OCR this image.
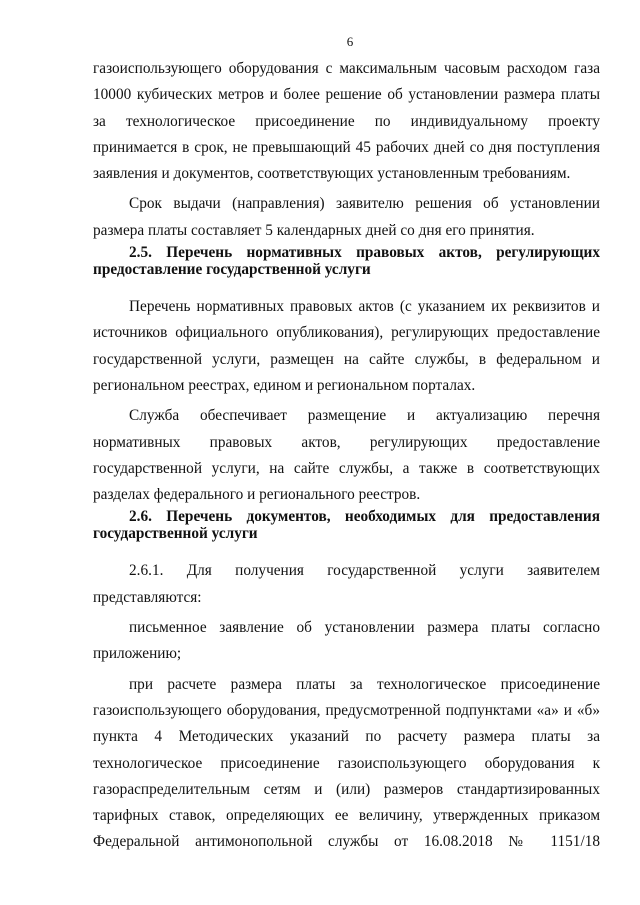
6

газоиспользующего оборудования с максимальным часовым расходом газа 10000 кубических метров и более решение об установлении размера платы за технологическое присоединение по индивидуальному проекту принимается в срок, не превышающий 45 рабочих дней со дня поступления заявления и документов, соответствующих установленным требованиям.

Срок выдачи (направления) заявителю решения об установлении размера платы составляет 5 календарных дней со дня его принятия.

2.5. Перечень нормативных правовых актов, регулирующих предоставление государственной услуги

Перечень нормативных правовых актов (с указанием их реквизитов и источников официального опубликования), регулирующих предоставление государственной услуги, размещен на сайте службы, в федеральном и региональном реестрах, едином и региональном порталах.

Служба обеспечивает размещение и актуализацию перечня нормативных правовых актов, регулирующих предоставление государственной услуги, на сайте службы, а также в соответствующих разделах федерального и регионального реестров.

2.6. Перечень документов, необходимых для предоставления государственной услуги

2.6.1. Для получения государственной услуги заявителем представляются:

письменное заявление об установлении размера платы согласно приложению;

при расчете размера платы за технологическое присоединение газоиспользующего оборудования, предусмотренной подпунктами «а» и «б» пункта 4 Методических указаний по расчету размера платы за технологическое присоединение газоиспользующего оборудования к газораспределительным сетям и (или) размеров стандартизированных тарифных ставок, определяющих ее величину, утвержденных приказом Федеральной антимонопольной службы от 16.08.2018 № 1151/18
